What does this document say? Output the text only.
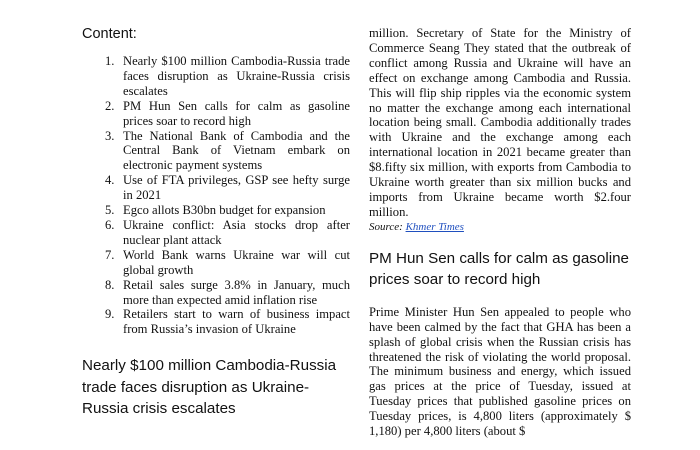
Content:
1. Nearly $100 million Cambodia-Russia trade faces disruption as Ukraine-Russia crisis escalates
2. PM Hun Sen calls for calm as gasoline prices soar to record high
3. The National Bank of Cambodia and the Central Bank of Vietnam embark on electronic payment systems
4. Use of FTA privileges, GSP see hefty surge in 2021
5. Egco allots B30bn budget for expansion
6. Ukraine conflict: Asia stocks drop after nuclear plant attack
7. World Bank warns Ukraine war will cut global growth
8. Retail sales surge 3.8% in January, much more than expected amid inflation rise
9. Retailers start to warn of business impact from Russia’s invasion of Ukraine
Nearly $100 million Cambodia-Russia trade faces disruption as Ukraine-Russia crisis escalates

million. Secretary of State for the Ministry of Commerce Seang They stated that the outbreak of conflict among Russia and Ukraine will have an effect on exchange among Cambodia and Russia. This will flip ship ripples via the economic system no matter the exchange among each international location being small. Cambodia additionally trades with Ukraine and the exchange among each international location in 2021 became greater than $8.fifty six million, with exports from Cambodia to Ukraine worth greater than six million bucks and imports from Ukraine became worth $2.four million.

Source: Khmer Times
PM Hun Sen calls for calm as gasoline prices soar to record high

Prime Minister Hun Sen appealed to people who have been calmed by the fact that GHA has been a splash of global crisis when the Russian crisis has threatened the risk of violating the world proposal. The minimum business and energy, which issued gas prices at the price of Tuesday, issued at Tuesday prices that published gasoline prices on Tuesday prices, is 4,800 liters (approximately $ 1,180) per 4,800 liters (about $
